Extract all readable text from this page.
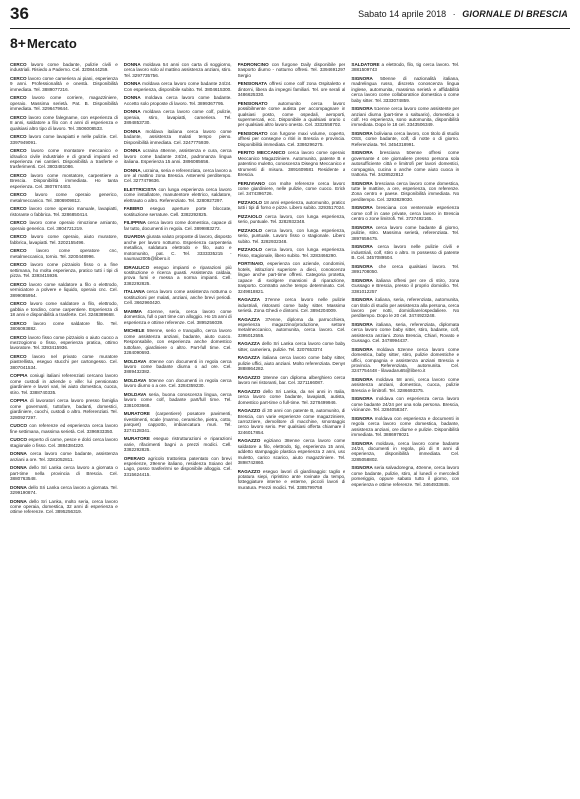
36	Sabato 14 aprile 2018 · GIORNALE DI BRESCIA
8+ Mercato

CERCO lavoro come badante, pulizie civili e industriali. Risiedo a Paderno. Cel. 3208444259.

CERCO lavoro come cameriera ai piani, esperienza 9 anni. Professionalità e onestà. Disponibilità immediata. Tel. 3889077216.

CERCO lavoro come corriere, magazziniere, operaio. Massima serietà. Pat. B. Disponibilità immediata. Tel. 3296479644.

CERCO lavoro come falegname, con esperienza di 8 anni, saldatore a filo con 4 anni di esperienza e qualsiasi altro tipo di lavoro. Tel. 3506008533.

CERCO lavoro come lavapiatti e nelle pulizie. Cel. 3397949091.

CERCO lavoro come montatore meccanico e idraulico civile industriale e di grandi impianti ed esperienza nei cantieri. Disponibilità a trasferte e trasferimenti. Cel. 3803481086.

CERCO lavoro come montatore, carpentiere a Brescia. Disponibilità immediata. Ho tanta esperienza. Cel. 3807674403.

CERCO lavoro come operaio generico, metalmeccanico. Tel. 3806909812.

CERCO lavoro come operaio manuale, lavapiatti, ristorante o fabbrica. Tel. 3286850414.

CERCO lavoro come operaio rimozione amianto, operaio generico. Cel. 3804721219.

CERCO lavoro come operaio, aiuto muratore, fabbrica, lavapiatti. Tel. 3202155496.

CERCO lavoro come operatore cnc, metalmeccanico, tornio. Tel. 3200448996.

CERCO lavoro come pizzaiolo fisso o a fine settimana, ho molta esperienza, pratico tutti i tipi di pizza. Tel. 3393415936.

CERCO lavoro come saldatore a filo o elettrodo, verniciatore a polvere e liquido, operaio cnc. Cel. 3899085954.

CERCO lavoro come saldatore a filo, elettrodo, gabbia e tondino, come carpentiere. Esperienza di 18 anni e disponibilità a trasferte. Cel. 3246389668.

CERCO lavoro come saldatore filo. Tel. 3806093882.

CERCO lavoro fisso come pizzaiolo o aiuto cuoco a mezzogiorno o fisso, esperienza pratica, ottimo lavoratore. Tel. 3393415936.

CERCO lavoro nel privato come muratore piastrellista, eseguo stucchi per cartongesso. Cel. 3807041534.

COPPIA coniugi italiani referenziati cercano lavoro come custodi in aziende o ville: lui pensionato giardiniere e lavori vari, lei aiuto domestica, cuoca, stiro. Tel. 3388740335.

COPPIA di lavoratori cerca lavoro presso famiglia come governanti, tuttofare, badanti, domestici, giardiniere, cuochi, custodi o altro. Referenziati. Tel. 3280927297.

CUOCO con referenze ed esperienza cerca lavoro fine settimana, massima serietà. Cel. 3396933350.

CUOCO esperto di carne, pesce e dolci cerca lavoro stagionale o fisso. Cel. 3884384220.

DONNA cerca lavoro come badante, assistenza anziani a ore. Tel. 3281052811.

DONNA dello Sri Lanka cerca lavoro a giornata o part-time nella provincia di Brescia. Cel. 3880763548.

DONNA dello Sri Lanka cerca lavoro a giornata. Tel. 3299190874.

DONNA dello Sri Lanka, molto seria, cerca lavoro come operaia, domestica, 32 anni di esperienza e ottime referenze. Cel. 3895256319.

DONNA moldava 54 anni con carta di soggiorno, cerca lavoro solo al mattino assistenza anziani, stiro. Tel. 3297735756.

DONNA moldava cerca lavoro come badante 24/24. Con esperienza, disponibile subito. Tel. 3804615300.

DONNA moldava cerca lavoro come badante. Accetto solo proposte di lavoro. Tel. 3899367795.

DONNA moldava cerca lavoro come colf, pulizie, operaia, stiro, lavapiatti, cameriera. Tel. 3894853730.

DONNA moldava italiana cerca lavoro come badante, assistenza malati tempo pieno. Disponibilità immediata. Cel. 3247775939.

DONNA ucraina 48enne, assistenza e cura, cerca lavoro come badante 24/24, padronanza lingua italiana. Esperienza 15 anni. 3896085656.

DONNA, ucraina, seria e referenziata, cerca lavoro a ore al mattino zona Brescia. Astenersi perditempo. Cel. 3277479636.

ELETTRICISTA con lunga esperienza cerca lavoro come installatore, manutentore elettrico, saldatore, elettrauto o altro. Referenziato. Tel. 3280927297.

FABBRO eseguo aperture porte bloccate, sostituzione serrature. Cell. 3382292825.

FILIPPINA cerca lavoro come domestica, capace di far tutto, documenti in regola. Cel. 3899883272.

GUARDIA giurata valuto proposte di lavoro, disposto anche per lavoro notturno. Esperienza carpenteria metallica, saldatura elettrodo e filo, auto e motomunito, pat. C. Tel. 3333335215 - naumax2005@libero.it

IDRAULICO eseguo impianti e riparazioni più sostituzione e ricerca guasti. Assistenza caldaia, prova fumi e messa a norma impianti. Cell. 3382292825.

ITALIANA cerca lavoro come assistenza notturna o sostituzioni per malati, anziani, anche brevi periodi. Cell. 3662960420.

MAMMA 41enne, seria, cerca lavoro come domestica, full o part time con alloggio. Ho 15 anni di esperienza e ottime referenze. Cel. 3895256039.

MICHELE 59enne, serio e tranquillo, cerca lavoro come assistenza anziani, badante, aiuto cuoco. Responsabile, con esperienza anche domestico tuttofare, giardiniere o altro. Part-full time. Cel. 3284090693.

MOLDAVA 40enne con documenti in regola cerca lavoro come badante diurna o ad ore. Cel. 3889432382.

MOLDAVA 50enne con documenti in regola cerca lavoro diurno o a ore. Cel. 3284359230.

MOLDAVA seria, buona conoscenza lingua, cerca lavoro come colf, badante part/full time. Tel. 3381003668.

MURATORE (carpentiere) posatore pavimenti, rivestimenti, scale (marmo, ceramiche, pietra, cotto, parquet) cappotto, imbiancatura muri. Tel. 3274128341.

MURATORE eseguo ristrutturazioni e riparazioni varie, rifacimenti bagni a prezzi modici. Cell. 3382292825.

OPERAIO agricolo trattorista patentato con brevi esperienze, 29enne italiano, residenza Soiano del Lago, posso trasferirmi se disponibile alloggio. Cel. 3315624415.

PADRONCINO con furgone Daily disponibile per trasporto diurno - notturno offresi. Tel. 3394691297 Sergio

PENSIONATA offresi come colf zona Ospitaletto e dintorni, libera da impegni familiari. Tel. ore serali al 3486625330.

PENSIONATO automunito cerca lavoro possibilmente come autista per accompagnare in qualsiasi posto, come ospedali, aeroporti, supermercati, ecc. Disponibile a qualsiasi orario o per qualsiasi altro lavoro onesto. Cel. 3332558702.

PENSIONATO con furgone maxi volume, coperto, offresi per consegne o ritiri in Brescia e provincia. Disponibilità immediata. Cel. 3386296275.

PERITO MECCANICO cerca lavoro come operaio Meccanico Magazziniere. Automunito, patente B e patentino muletto, conoscenza Disegno Meccanico e strumenti di misura. 3891609581 Residente a Brescia.

PERUVIANO con molte referenze cerca lavoro come giardiniere, nelle pulizie, come cuoco. Erick cel. 3474396726.

PIZZAIOLO 18 anni esperienza, automunito, pratico tutti i tipi di forno e pizze. Libero subito. 3293517024.

PIZZAIOLO cerca lavoro, con lunga esperienza, serio, puntuale. Tel. 3282932348.

PIZZAIOLO cerca lavoro, con lunga esperienza, serio, puntuale. Lavoro fisso o stagionale. Libero subito. Tel. 3282932348.

PIZZAIOLO cerca lavoro, con lunga esperienza. Fisso, stagionale, libero subito. Tel. 3283466290.

PORTINAIO, esperienza con aziende, condomini, hotels, istituzioni superiore a dieci, conoscenza lingue anche part-time offresi. Categoria protetta, capace di svolgere mansioni di riparazione, trasporto. Contratto anche tempo determinato. Cel. 3249818821.

RAGAZZA 37enne cerca lavoro nelle pulizie industriali, ristoranti come baby sitter. Massima serietà. Zona Ghedi e dintorni. Cel. 3894204009.

RAGAZZA 37enne, diploma da parrucchiera, esperienza magazzino/produzione, settore metalmeccanico, automunita, cerca lavoro. Cel. 3395012555.

RAGAZZA dello Sri Lanka cerca lavoro come baby sitter, cameriera, pulizie. Tel. 3207653374

RAGAZZA italiana cerca lavoro come baby sitter, pulizie uffici, aiuto anziani. Molto referenziata. Denys 3888864282.

RAGAZZO 18enne con diploma alberghiero cerca lavoro nei ristoranti, bar. Cel. 3271166087.

RAGAZZO dello Sri Lanka, da sei anni in Italia, cerca lavoro come badante, lavapiatti, autista, domestico part-time o full-time. Tel. 3278499946.

RAGAZZO di 30 anni con patente B, automunito, di Brescia, con varie esperienze come magazziniere, carrozziere, demolitore di macchine, smontaggio cerco lavoro serio. Per qualsiasi offerta chiamare il 3246017854.

RAGAZZO egiziano 38enne cerca lavoro come saldatore a filo, elettrodo, tig, esperienza 15 anni, addetto stampaggio plastica esperienza 2 anni, uso muletto, carico scarico, aiuto magazziniere. Tel. 3898742860.

RAGAZZO eseguo lavori di giardinaggio: taglio e potatura siepi, ripristino ante rovinate da tempo, fotteggiature interne e esterne, piccoli lavori di muratura. Prezzi modici. Tel. 3385799758

SALDATORE a elettrodo, filo, tig cerca lavoro. Tel. 3881509743

SIGNORA 50enne di nazionalità italiana, madrelingua russo, discreta conoscenza lingua inglese, automunita, massima serietà e affidabilità cerca lavoro come collaboratrice domestica o come baby sitter. Tel. 3333074859.

SIGNORA 51enne cerca lavoro come assistente per anziani diurna (part-time o saltuario), domestica o colf. Ho esperienza, sono automunita, disponibilità immediata. Dopo le 18 cel. 3343506349.

SIGNORA boliviana cerca lavoro, con titolo di studio OSS, come badante, colf, di notte o di giorno. Referenziata. Tel. 3454318991.

SIGNORA bresciana 50enne offresi come governante 4 ore giornaliere presso persona sola autosufficiente città e limitrofi per lavori domestici, compagnia, cucina o anche come aiuto cuoca in trattoria. Tel. 3428522812

SIGNORA bresciana cerca lavoro come domestica, tutte le mattine, a ore, esperienza, con referenze. Zona centro e paese. Disponibilità immediata. No perditempo. Cel. 3293829030.

SIGNORA bresciana con ventennale esperienza come colf in case private, cerca lavoro in Brescia centro o zone limitrofi. Tel. 3737492165.

SIGNORA cerca lavoro come badante di giorno, pulizie, stiro. Massima serietà, referenziata. Tel. 3897659475.

SIGNORA cerca lavoro nelle pulizie civili e industriali, colf, stiro o altro. In possesso di patente B. Cel. 3457089504.

SIGNORA che cerca qualsiasi lavoro. Tel. 3891708050.

SIGNORA italiana offresi per ore di stiro, zona Gussago e Brescia, presso il proprio domicilio. Tel. 3381012257

SIGNORA italiana, seria, referenziata, automunita, con titolo di studio per assistenza alla persona, cerca lavoro per notti, domiciliare/ospedaliere. No perditempo. Dopo le 20 cel. 3474923248.

SIGNORA italiana, seria, referenziata, diplomata cerca lavoro come baby sitter, stiro, badante, colf, assistenza anziani. Zona Brescia, Chiari, Rovato e Gussago. Cel. 3478994437.

SIGNORA moldava 52enne cerca lavoro come domestica, baby sitter, stiro, pulizie domestiche e uffici, compagnia e assistenza anziani Brescia e provincia. Referenziata, automunita. Cel. 3247754448 - lilavadaru65@libero.it

SIGNORA moldava 58 anni, cerca lavoro come assistenza anziani, domestica, cuoca, pulizie Brescia e limitrofi. Tel. 3286693375.

SIGNORA moldava con esperienza cerca lavoro come badante 24/24 per una sola persona. Brescia, vicinanze. Tel. 3284058347.

SIGNORA moldava con esperienza e documenti in regola cerca lavoro come domestica, badante, assistenza anziani, ore diurne e pulizie. Disponibilità immediata. Tel. 3886978021

SIGNORA moldava, cerca lavoro come badante 24/24, documenti in regola, più di 8 anni di esperienza, disponibilità immediata. Cel. 3285058802.

SIGNORA seria salvadoregna, 40enne, cerca lavoro come badante, pulizie, stiro, al lunedì e mercoledì pomeriggio, oppure sabato tutto il giorno, con esperienza e ottime referenze. Tel. 3464933845.
